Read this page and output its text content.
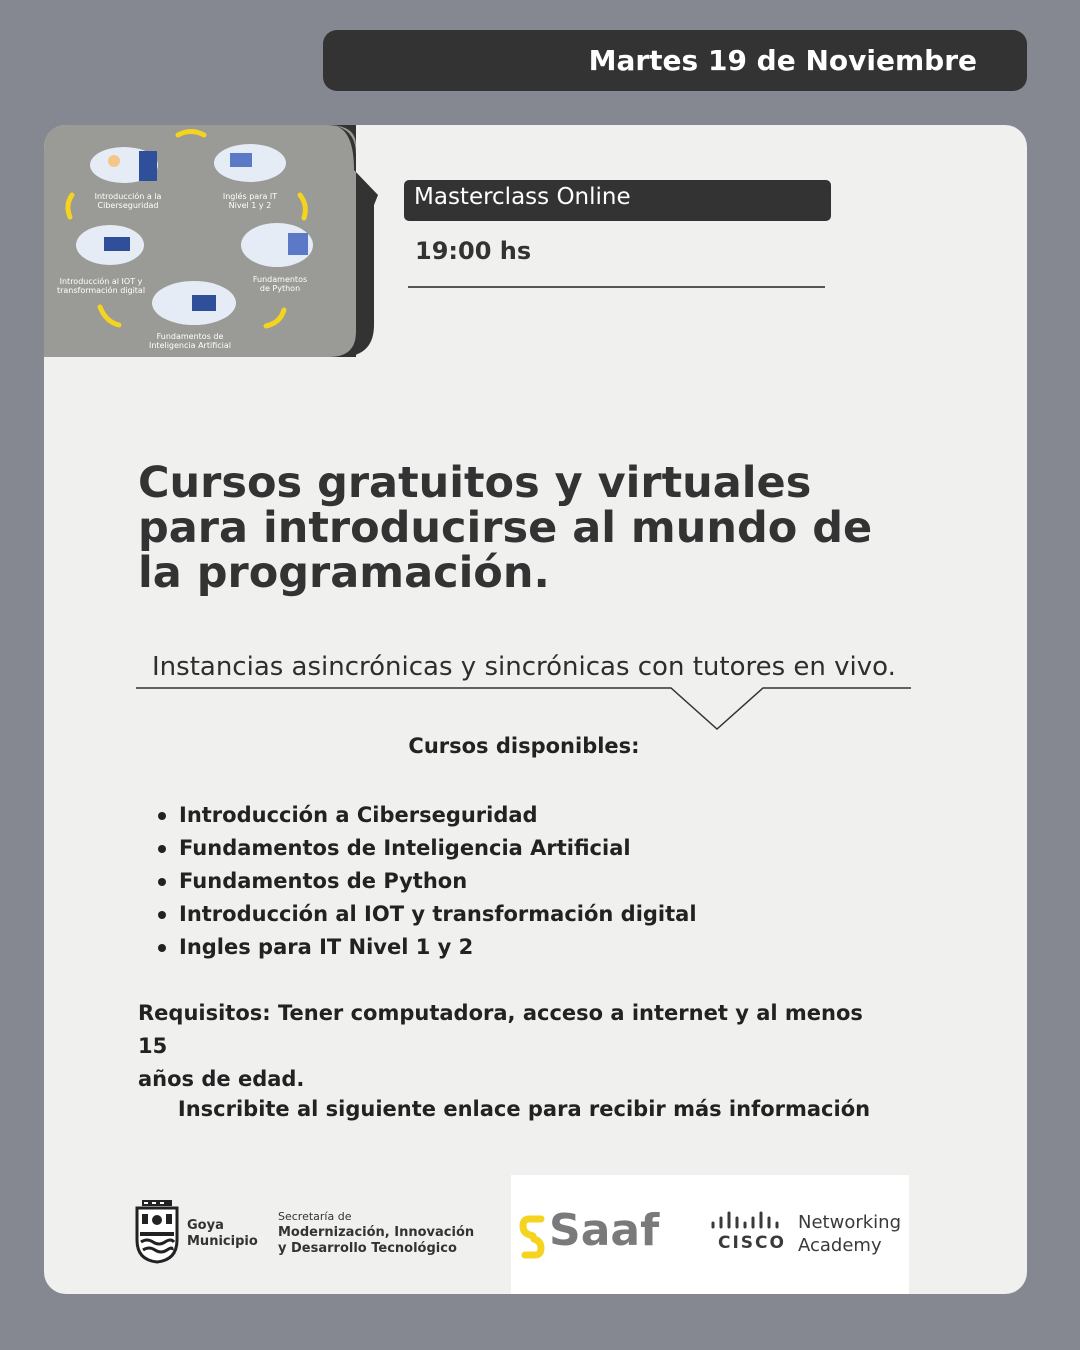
Martes 19 de Noviembre
Introducción a la
Ciberseguridad
Inglés para IT
Nivel 1 y 2
Introducción al IOT y
transformación digital
Fundamentos
de Python
Fundamentos de
Inteligencia Artificial
Masterclass Online
19:00 hs
Cursos gratuitos y virtuales
para introducirse al mundo de
la programación.
Instancias asincrónicas y sincrónicas con tutores en vivo.
Cursos disponibles:
Introducción a Ciberseguridad
Fundamentos de Inteligencia Artificial
Fundamentos de Python
Introducción al IOT y transformación digital
Ingles para IT Nivel 1 y 2

Requisitos: Tener computadora, acceso a internet y al menos 15
años de edad.

Inscribite al siguiente enlace para recibir más información
Goya
Municipio
Secretaría de
Modernización, Innovación
y Desarrollo Tecnológico	Saaf	CISCO
Networking
Academy
